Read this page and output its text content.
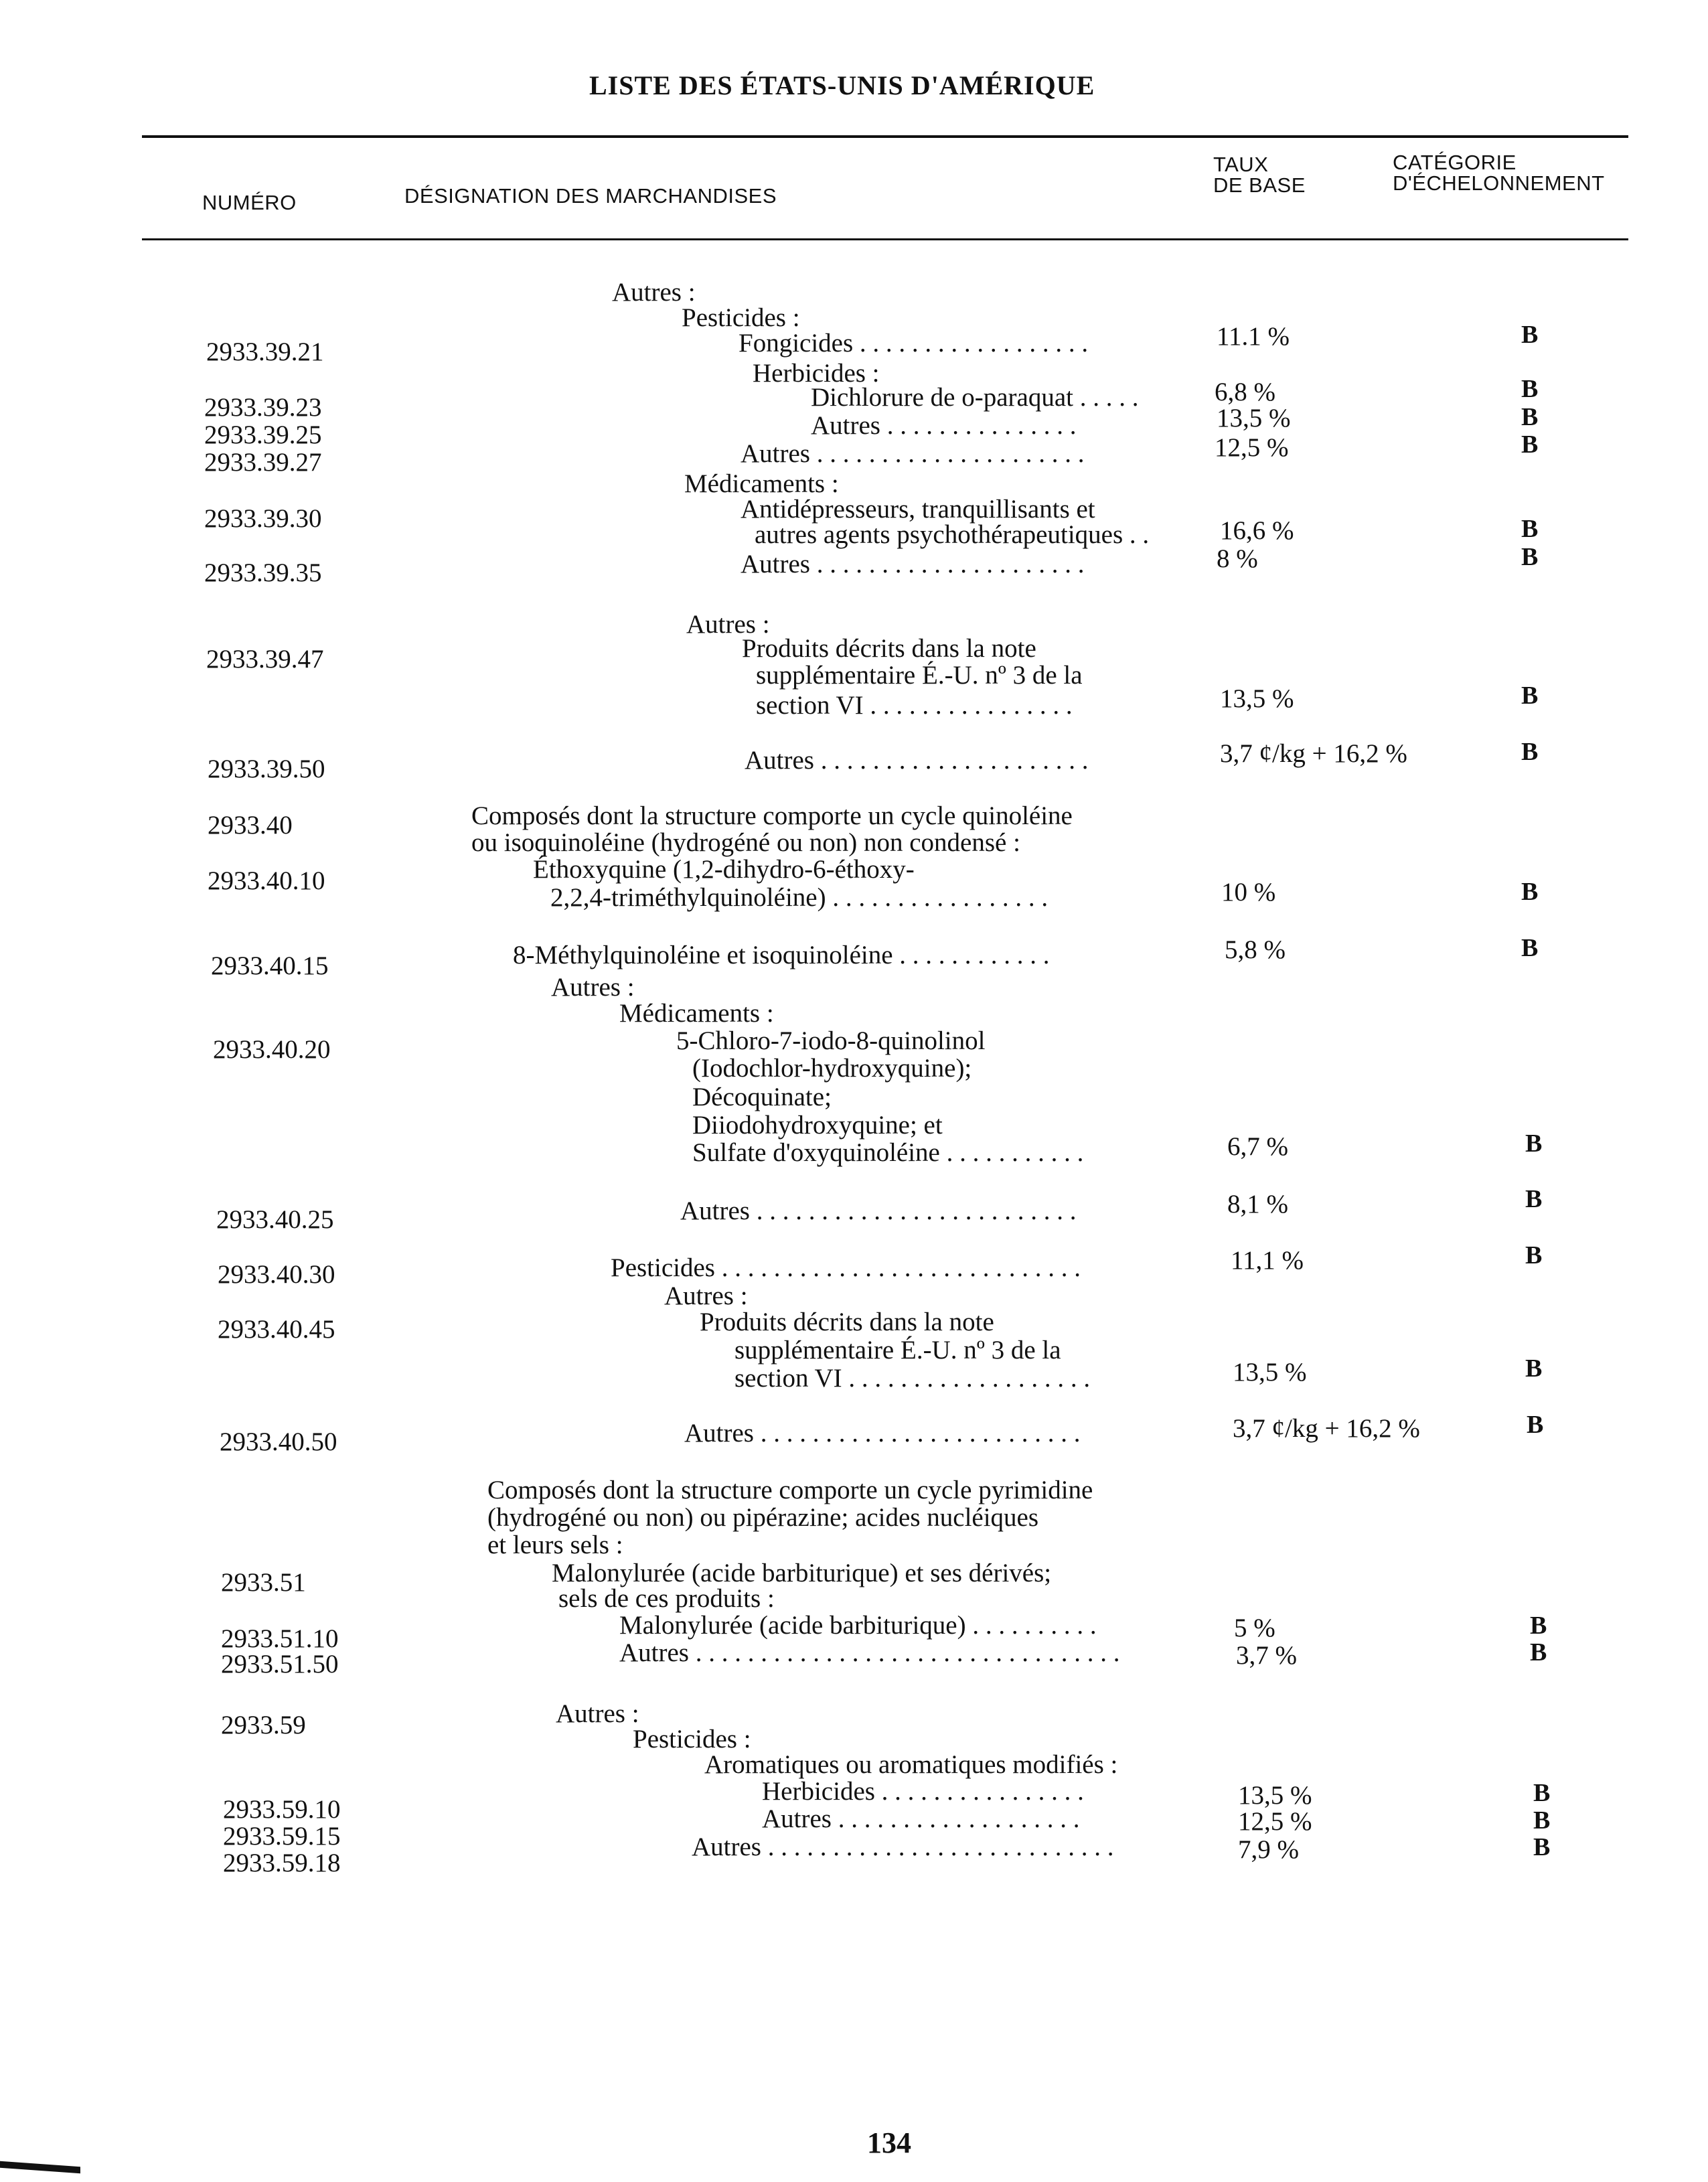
LISTE DES ÉTATS-UNIS D'AMÉRIQUE
NUMÉRO	DÉSIGNATION DES MARCHANDISES
TAUX
DE BASE
CATÉGORIE
D'ÉCHELONNEMENT
2933.39.21
2933.39.23
2933.39.25
2933.39.27
2933.39.30
2933.39.35
2933.39.47
2933.39.50
2933.40
2933.40.10
2933.40.15
2933.40.20
2933.40.25
2933.40.30
2933.40.45
2933.40.50
2933.51
2933.51.10
2933.51.50
2933.59
2933.59.10
2933.59.15
2933.59.18
Autres :
Pesticides :
Fongicides . . . . . . . . . . . . . . . . . .
Herbicides :
Dichlorure de o-paraquat . . . . .
Autres . . . . . . . . . . . . . . .
Autres . . . . . . . . . . . . . . . . . . . . .
Médicaments :
Antidépresseurs, tranquillisants et
autres agents psychothérapeutiques . .
Autres . . . . . . . . . . . . . . . . . . . . .
Autres :
Produits décrits dans la note
supplémentaire É.-U. nº 3 de la
section VI . . . . . . . . . . . . . . . .
Autres . . . . . . . . . . . . . . . . . . . . .
Composés dont la structure comporte un cycle quinoléine
ou isoquinoléine (hydrogéné ou non) non condensé :
Éthoxyquine (1,2-dihydro-6-éthoxy-
2,2,4-triméthylquinoléine) . . . . . . . . . . . . . . . . .
8-Méthylquinoléine et isoquinoléine . . . . . . . . . . . .
Autres :
Médicaments :
5-Chloro-7-iodo-8-quinolinol
(Iodochlor-hydroxyquine);
Décoquinate;
Diiodohydroxyquine; et
Sulfate d'oxyquinoléine . . . . . . . . . . .
Autres . . . . . . . . . . . . . . . . . . . . . . . . .
Pesticides . . . . . . . . . . . . . . . . . . . . . . . . . . . .
Autres :
Produits décrits dans la note
supplémentaire É.-U. nº 3 de la
section VI . . . . . . . . . . . . . . . . . . .
Autres . . . . . . . . . . . . . . . . . . . . . . . . .
Composés dont la structure comporte un cycle pyrimidine
(hydrogéné ou non) ou pipérazine; acides nucléiques
et leurs sels :
Malonylurée (acide barbiturique) et ses dérivés;
sels de ces produits :
Malonylurée (acide barbiturique) . . . . . . . . . .
Autres . . . . . . . . . . . . . . . . . . . . . . . . . . . . . . . . .
Autres :
Pesticides :
Aromatiques ou aromatiques modifiés :
Herbicides . . . . . . . . . . . . . . . .
Autres . . . . . . . . . . . . . . . . . . .
Autres . . . . . . . . . . . . . . . . . . . . . . . . . . .
11.1 %
6,8 %
13,5 %
12,5 %
16,6 %
8 %
13,5 %
3,7 ¢/kg + 16,2 %
10 %
5,8 %
6,7 %
8,1 %
11,1 %
13,5 %
3,7 ¢/kg + 16,2 %
5 %
3,7 %
13,5 %
12,5 %
7,9 %
B
B
B
B
B
B
B
B
B
B
B
B
B
B
B
B
B
B
B
B
134
